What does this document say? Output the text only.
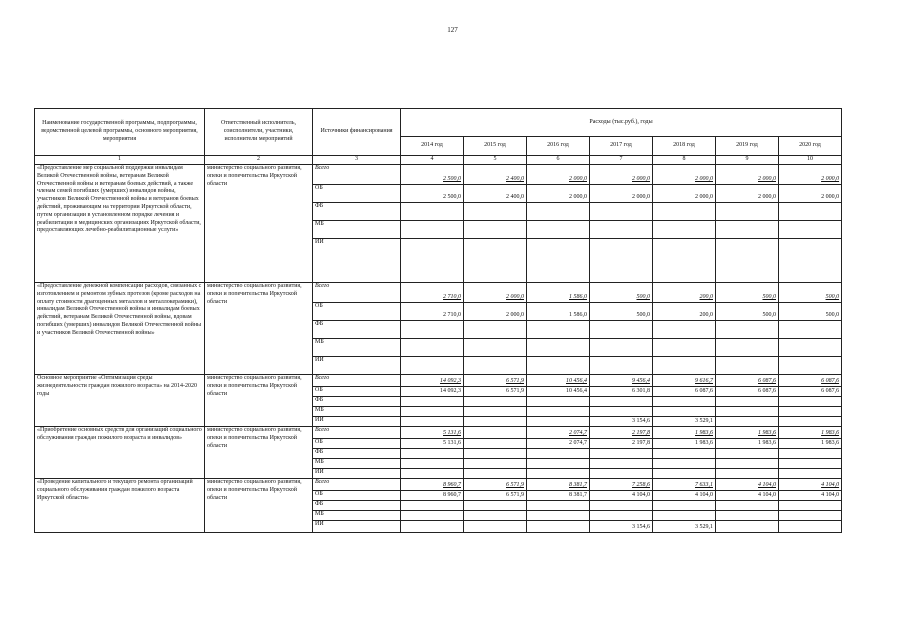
127
Наименование государственной программы, подпрограммы, ведомственной целевой программы, основного мероприятия, мероприятия	Ответственный исполнитель, соисполнители, участники, исполнители мероприятий	Источники финансирования	Расходы (тыс.руб.), годы						
			2014 год	2015 год	2016 год	2017 год	2018 год	2019 год	2020 год
1	2	3	4	5	6	7	8	9	10
«Предоставление мер социальной поддержки инвалидам Великой Отечественной войны, ветеранам Великой Отечественной войны и ветеранам боевых действий, а также членам семей погибших (умерших) инвалидов войны, участников Великой Отечественной войны и ветеранов боевых действий, проживающим на территории Иркутской области, путем организации в установленном порядке лечения и реабилитации в медицинских организациях Иркутской области, предоставляющих лечебно-реабилитационные услуги»	министерство социального развития, опеки и попечительства Иркутской области	Всего	2 500,0	2 400,0	2 000,0	2 000,0	2 000,0	2 000,0	2 000,0
		ОБ	2 500,0	2 400,0	2 000,0	2 000,0	2 000,0	2 000,0	2 000,0
		ФБ							
		МБ							
		ИИ							
«Предоставление денежной компенсации расходов, связанных с изготовлением и ремонтом зубных протезов (кроме расходов на оплату стоимости драгоценных металлов и металлокерамики), инвалидам Великой Отечественной войны и инвалидам боевых действий, ветеранам Великой Отечественной войны, вдовам погибших (умерших) инвалидов Великой Отечественной войны и участников Великой Отечественной войны»	министерство социального развития, опеки и попечительства Иркутской области	Всего	2 710,0	2 000,0	1 586,0	500,0	200,0	500,0	500,0
		ОБ	2 710,0	2 000,0	1 586,0	500,0	200,0	500,0	500,0
		ФБ							
		МБ							
		ИИ							
Основное мероприятие «Оптимизация среды жизнедеятельности граждан пожилого возраста» на 2014-2020 годы	министерство социального развития, опеки и попечительства Иркутской области	Всего	14 092,3	6 571,9	10 456,4	9 456,4	9 616,7	6 087,6	6 087,6
		ОБ	14 092,3	6 571,9	10 456,4	6 301,8	6 087,6	6 087,6	6 087,6
		ФБ							
		МБ							
		ИИ				3 154,6	3 529,1		
«Приобретение основных средств для организаций социального обслуживания граждан пожилого возраста и инвалидов»	министерство социального развития, опеки и попечительства Иркутской области	Всего	5 131,6		2 074,7	2 197,8	1 983,6	1 983,6	1 983,6
		ОБ	5 131,6		2 074,7	2 197,8	1 983,6	1 983,6	1 983,6
		ФБ							
		МБ							
		ИИ							
«Проведение капитального и текущего ремонта организаций социального обслуживания граждан пожилого возраста Иркутской области»	министерство социального развития, опеки и попечительства Иркутской области	Всего	8 960,7	6 571,9	8 381,7	7 258,6	7 633,1	4 104,0	4 104,0
		ОБ	8 960,7	6 571,9	8 381,7	4 104,0	4 104,0	4 104,0	4 104,0
		ФБ							
		МБ							
		ИИ				3 154,6	3 529,1		
